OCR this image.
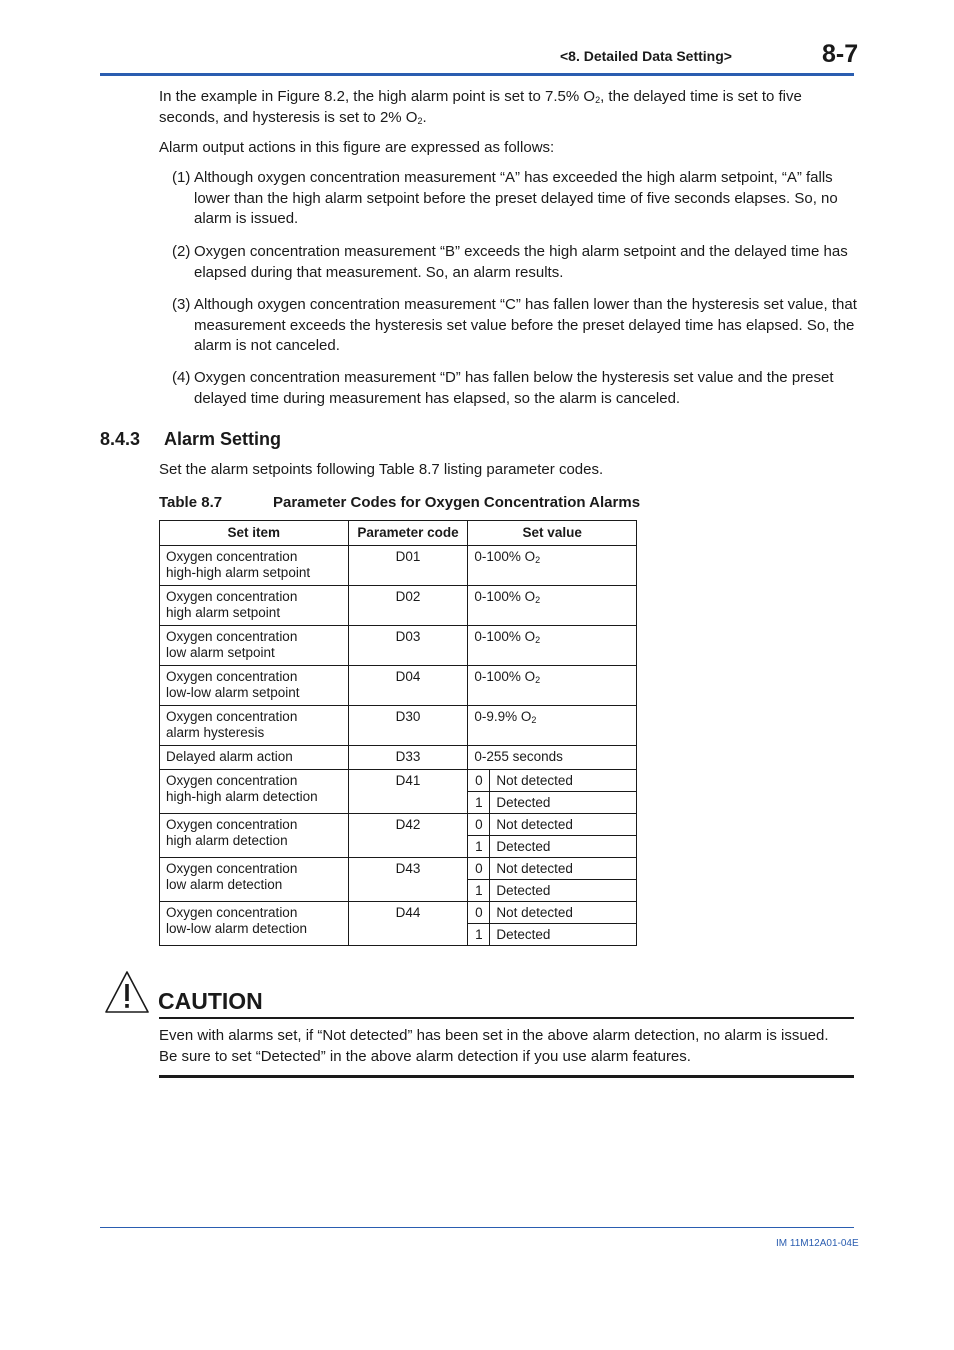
<8. Detailed Data Setting>	8-7
In the example in Figure 8.2, the high alarm point is set to 7.5% $O_2$, the delayed time is set to five seconds, and hysteresis is set to 2% $O_2$.
Alarm output actions in this figure are expressed as follows:
(1) Although oxygen concentration measurement “A” has exceeded the high alarm setpoint, “A” falls lower than the high alarm setpoint before the preset delayed time of five seconds elapses. So, no alarm is issued.
(2) Oxygen concentration measurement “B” exceeds the high alarm setpoint and the delayed time has elapsed during that measurement. So, an alarm results.
(3) Although oxygen concentration measurement “C” has fallen lower than the hysteresis set value, that measurement exceeds the hysteresis set value before the preset delayed time has elapsed. So, the alarm is not canceled.
(4) Oxygen concentration measurement “D” has fallen below the hysteresis set value and the preset delayed time during measurement has elapsed, so the alarm is canceled.
8.4.3 Alarm Setting
Set the alarm setpoints following Table 8.7 listing parameter codes.
Table 8.7	Parameter Codes for Oxygen Concentration Alarms
Set item	Parameter code	Set value	
Oxygen concentration
high-high alarm setpoint	D01	0-100% $O_2$
Oxygen concentration
high alarm setpoint	D02	0-100% $O_2$
Oxygen concentration
low alarm setpoint	D03	0-100% $O_2$
Oxygen concentration
low-low alarm setpoint	D04	0-100% $O_2$
Oxygen concentration
alarm hysteresis	D30	0-9.9% $O_2$
Delayed alarm action	D33	0-255 seconds	
Oxygen concentration
high-high alarm detection	D41	0	Not detected
		1	Detected
Oxygen concentration
high alarm detection	D42	0	Not detected
		1	Detected
Oxygen concentration
low alarm detection	D43	0	Not detected
		1	Detected
Oxygen concentration
low-low alarm detection	D44	0	Not detected
		1	Detected
CAUTION
Even with alarms set, if “Not detected” has been set in the above alarm detection, no alarm is issued.
Be sure to set “Detected” in the above alarm detection if you use alarm features.
IM 11M12A01-04E
